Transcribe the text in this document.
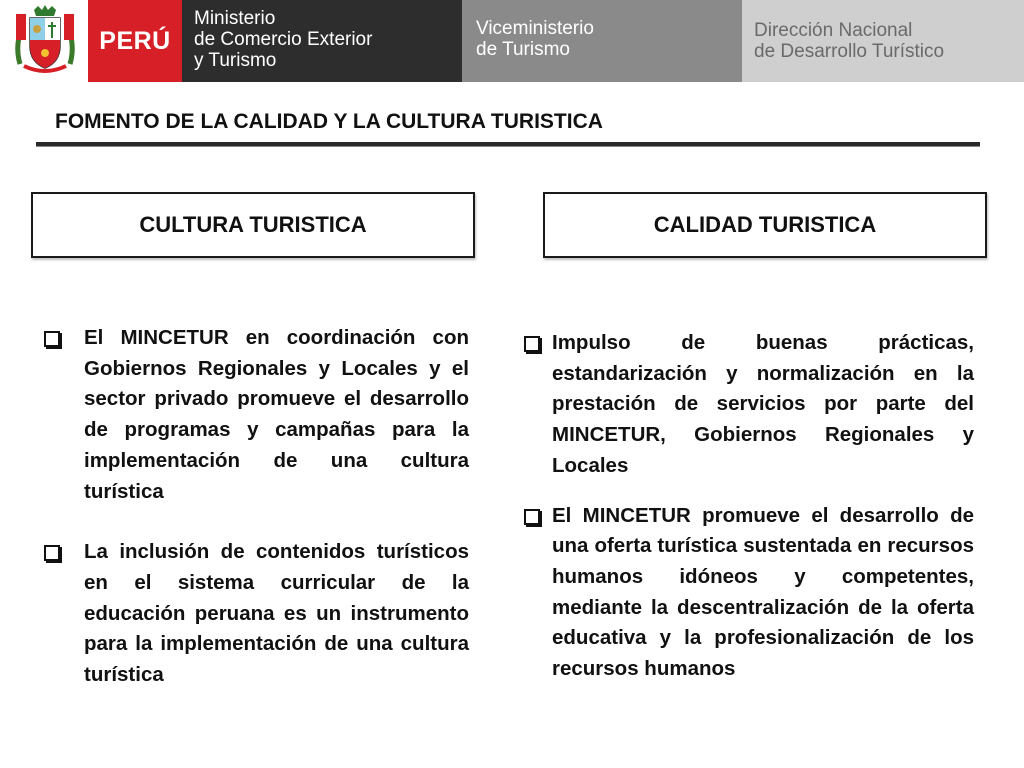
PERÚ
Ministerio
de Comercio Exterior
y Turismo
Viceministerio
de Turismo
Dirección Nacional
de Desarrollo Turístico
FOMENTO DE LA CALIDAD Y LA CULTURA TURISTICA
CULTURA TURISTICA	CALIDAD TURISTICA
El MINCETUR en coordinación con Gobiernos Regionales y Locales y el sector privado promueve el desarrollo de programas y campañas para la implementación de una cultura turística
La inclusión de contenidos turísticos en el sistema curricular de la educación peruana es un instrumento para la implementación de una cultura turística
Impulso de buenas prácticas, estandarización y normalización en la prestación de servicios por parte del MINCETUR, Gobiernos Regionales y Locales
El MINCETUR promueve el desarrollo de una oferta turística sustentada en recursos humanos idóneos y competentes, mediante la descentralización de la oferta educativa y la profesionalización de los recursos humanos
